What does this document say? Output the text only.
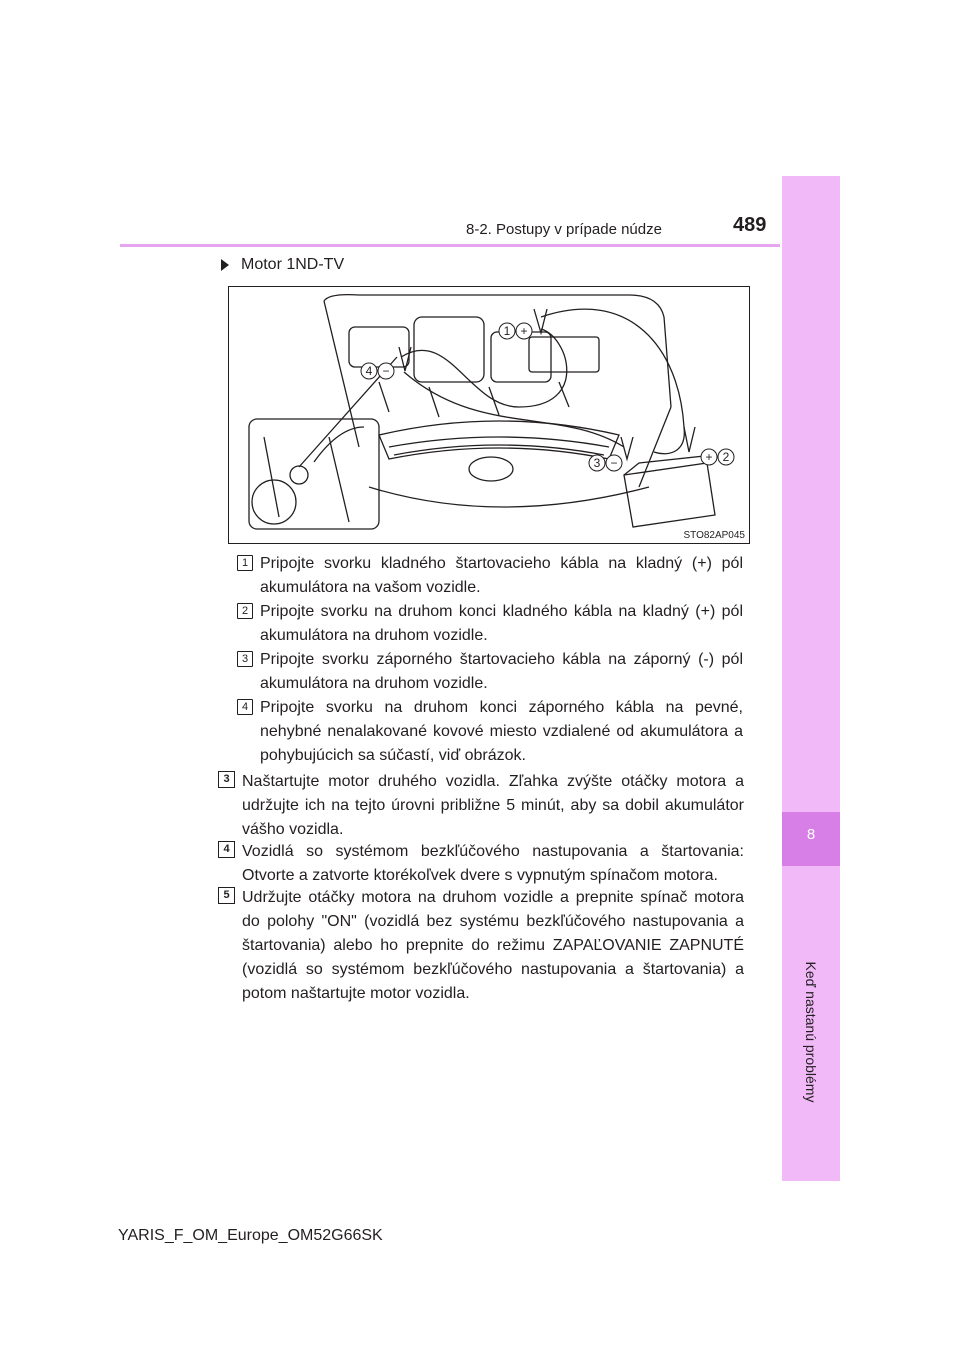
8
Keď nastanú problémy
8-2. Postupy v prípade núdze	489
Motor 1ND-TV
1 +
+ 2
3 −
4 −
STO82AP045
1 Pripojte svorku kladného štartovacieho kábla na kladný (+) pól akumulátora na vašom vozidle.
2 Pripojte svorku na druhom konci kladného kábla na kladný (+) pól akumulátora na druhom vozidle.
3 Pripojte svorku záporného štartovacieho kábla na záporný (-) pól akumulátora na druhom vozidle.
4 Pripojte svorku na druhom konci záporného kábla na pevné, nehybné nenalakované kovové miesto vzdialené od akumulátora a pohybujúcich sa súčastí, viď obrázok.
3 Naštartujte motor druhého vozidla. Zľahka zvýšte otáčky motora a udržujte ich na tejto úrovni približne 5 minút, aby sa dobil akumulátor vášho vozidla.
4 Vozidlá so systémom bezkľúčového nastupovania a štartovania: Otvorte a zatvorte ktorékoľvek dvere s vypnutým spínačom motora.
5 Udržujte otáčky motora na druhom vozidle a prepnite spínač motora do polohy "ON" (vozidlá bez systému bezkľúčového nastupovania a štartovania) alebo ho prepnite do režimu ZAPAĽOVANIE ZAPNUTÉ (vozidlá so systémom bezkľúčového nastupovania a štartovania) a potom naštartujte motor vozidla.
YARIS_F_OM_Europe_OM52G66SK
